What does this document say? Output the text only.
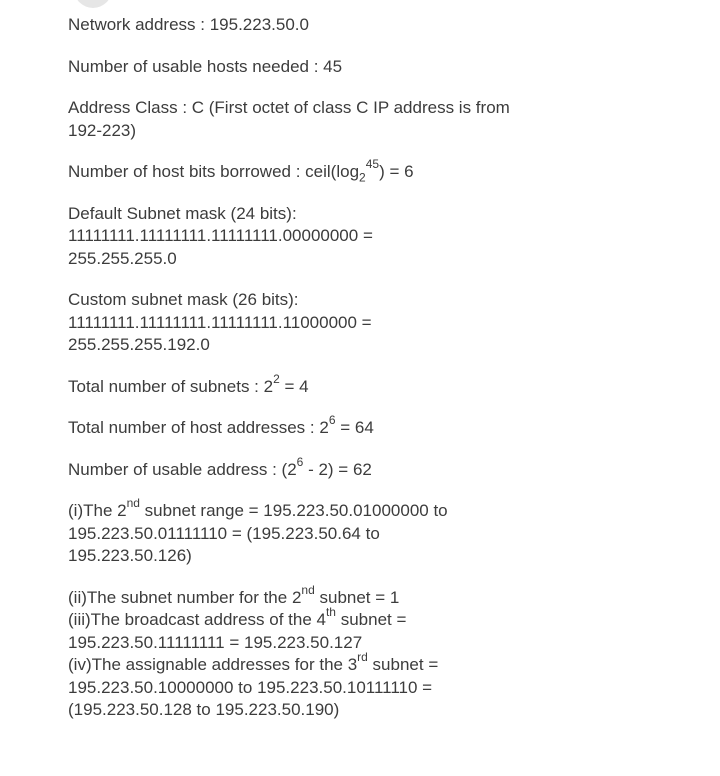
Network address : 195.223.50.0

Number of usable hosts needed : 45

Address Class : C (First octet of class C IP address is from 192-223)

Number of host bits borrowed : $ceil(\log_2^{45}) = 6$

Default Subnet mask (24 bits):
11111111.11111111.11111111.00000000 =
255.255.255.0

Custom subnet mask (26 bits):
11111111.11111111.11111111.11000000 =
255.255.255.192.0

Total number of subnets : $2^2 = 4$

Total number of host addresses : $2^6 = 64$

Number of usable address : $(2^6 - 2) = 62$

(i)The 2nd subnet range = 195.223.50.01000000 to
195.223.50.01111110 = (195.223.50.64 to
195.223.50.126)

(ii)The subnet number for the 2nd subnet = 1
(iii)The broadcast address of the 4th subnet =
195.223.50.11111111 = 195.223.50.127
(iv)The assignable addresses for the 3rd subnet =
195.223.50.10000000 to 195.223.50.10111110 =
(195.223.50.128 to 195.223.50.190)
